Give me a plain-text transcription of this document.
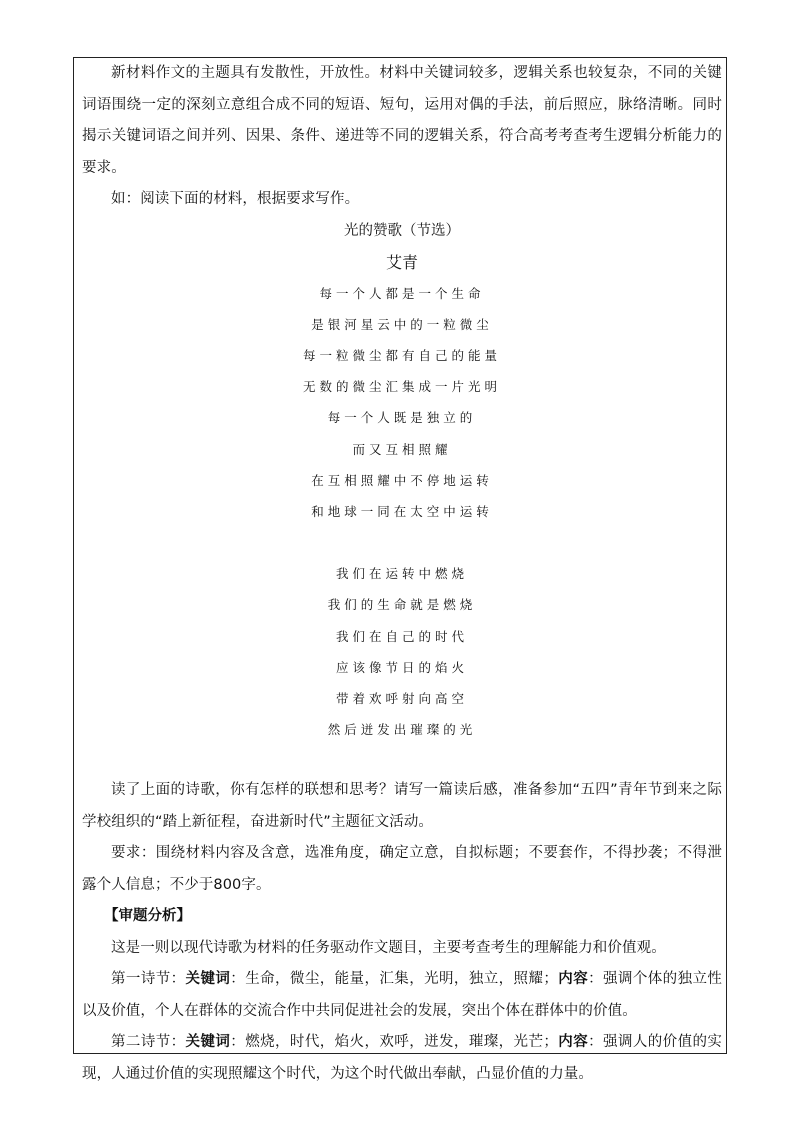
新材料作文的主题具有发散性，开放性。材料中关键词较多，逻辑关系也较复杂，不同的关键词语围绕一定的深刻立意组合成不同的短语、短句，运用对偶的手法，前后照应，脉络清晰。同时揭示关键词语之间并列、因果、条件、递进等不同的逻辑关系，符合高考考查考生逻辑分析能力的要求。

如：阅读下面的材料，根据要求写作。

光的赞歌（节选）

艾青

每一个人都是一个生命

是银河星云中的一粒微尘

每一粒微尘都有自己的能量

无数的微尘汇集成一片光明

每一个人既是独立的

而又互相照耀

在互相照耀中不停地运转

和地球一同在太空中运转

我们在运转中燃烧

我们的生命就是燃烧

我们在自己的时代

应该像节日的焰火

带着欢呼射向高空

然后迸发出璀璨的光

读了上面的诗歌，你有怎样的联想和思考？请写一篇读后感，准备参加“五四”青年节到来之际学校组织的“踏上新征程，奋进新时代”主题征文活动。

要求：围绕材料内容及含意，选准角度，确定立意，自拟标题；不要套作，不得抄袭；不得泄露个人信息；不少于800字。

【审题分析】

这是一则以现代诗歌为材料的任务驱动作文题目，主要考查考生的理解能力和价值观。

第一诗节：关键词：生命，微尘，能量，汇集，光明，独立，照耀；内容：强调个体的独立性以及价值，个人在群体的交流合作中共同促进社会的发展，突出个体在群体中的价值。

第二诗节：关键词：燃烧，时代，焰火，欢呼，迸发，璀璨，光芒；内容：强调人的价值的实现，人通过价值的实现照耀这个时代，为这个时代做出奉献，凸显价值的力量。
